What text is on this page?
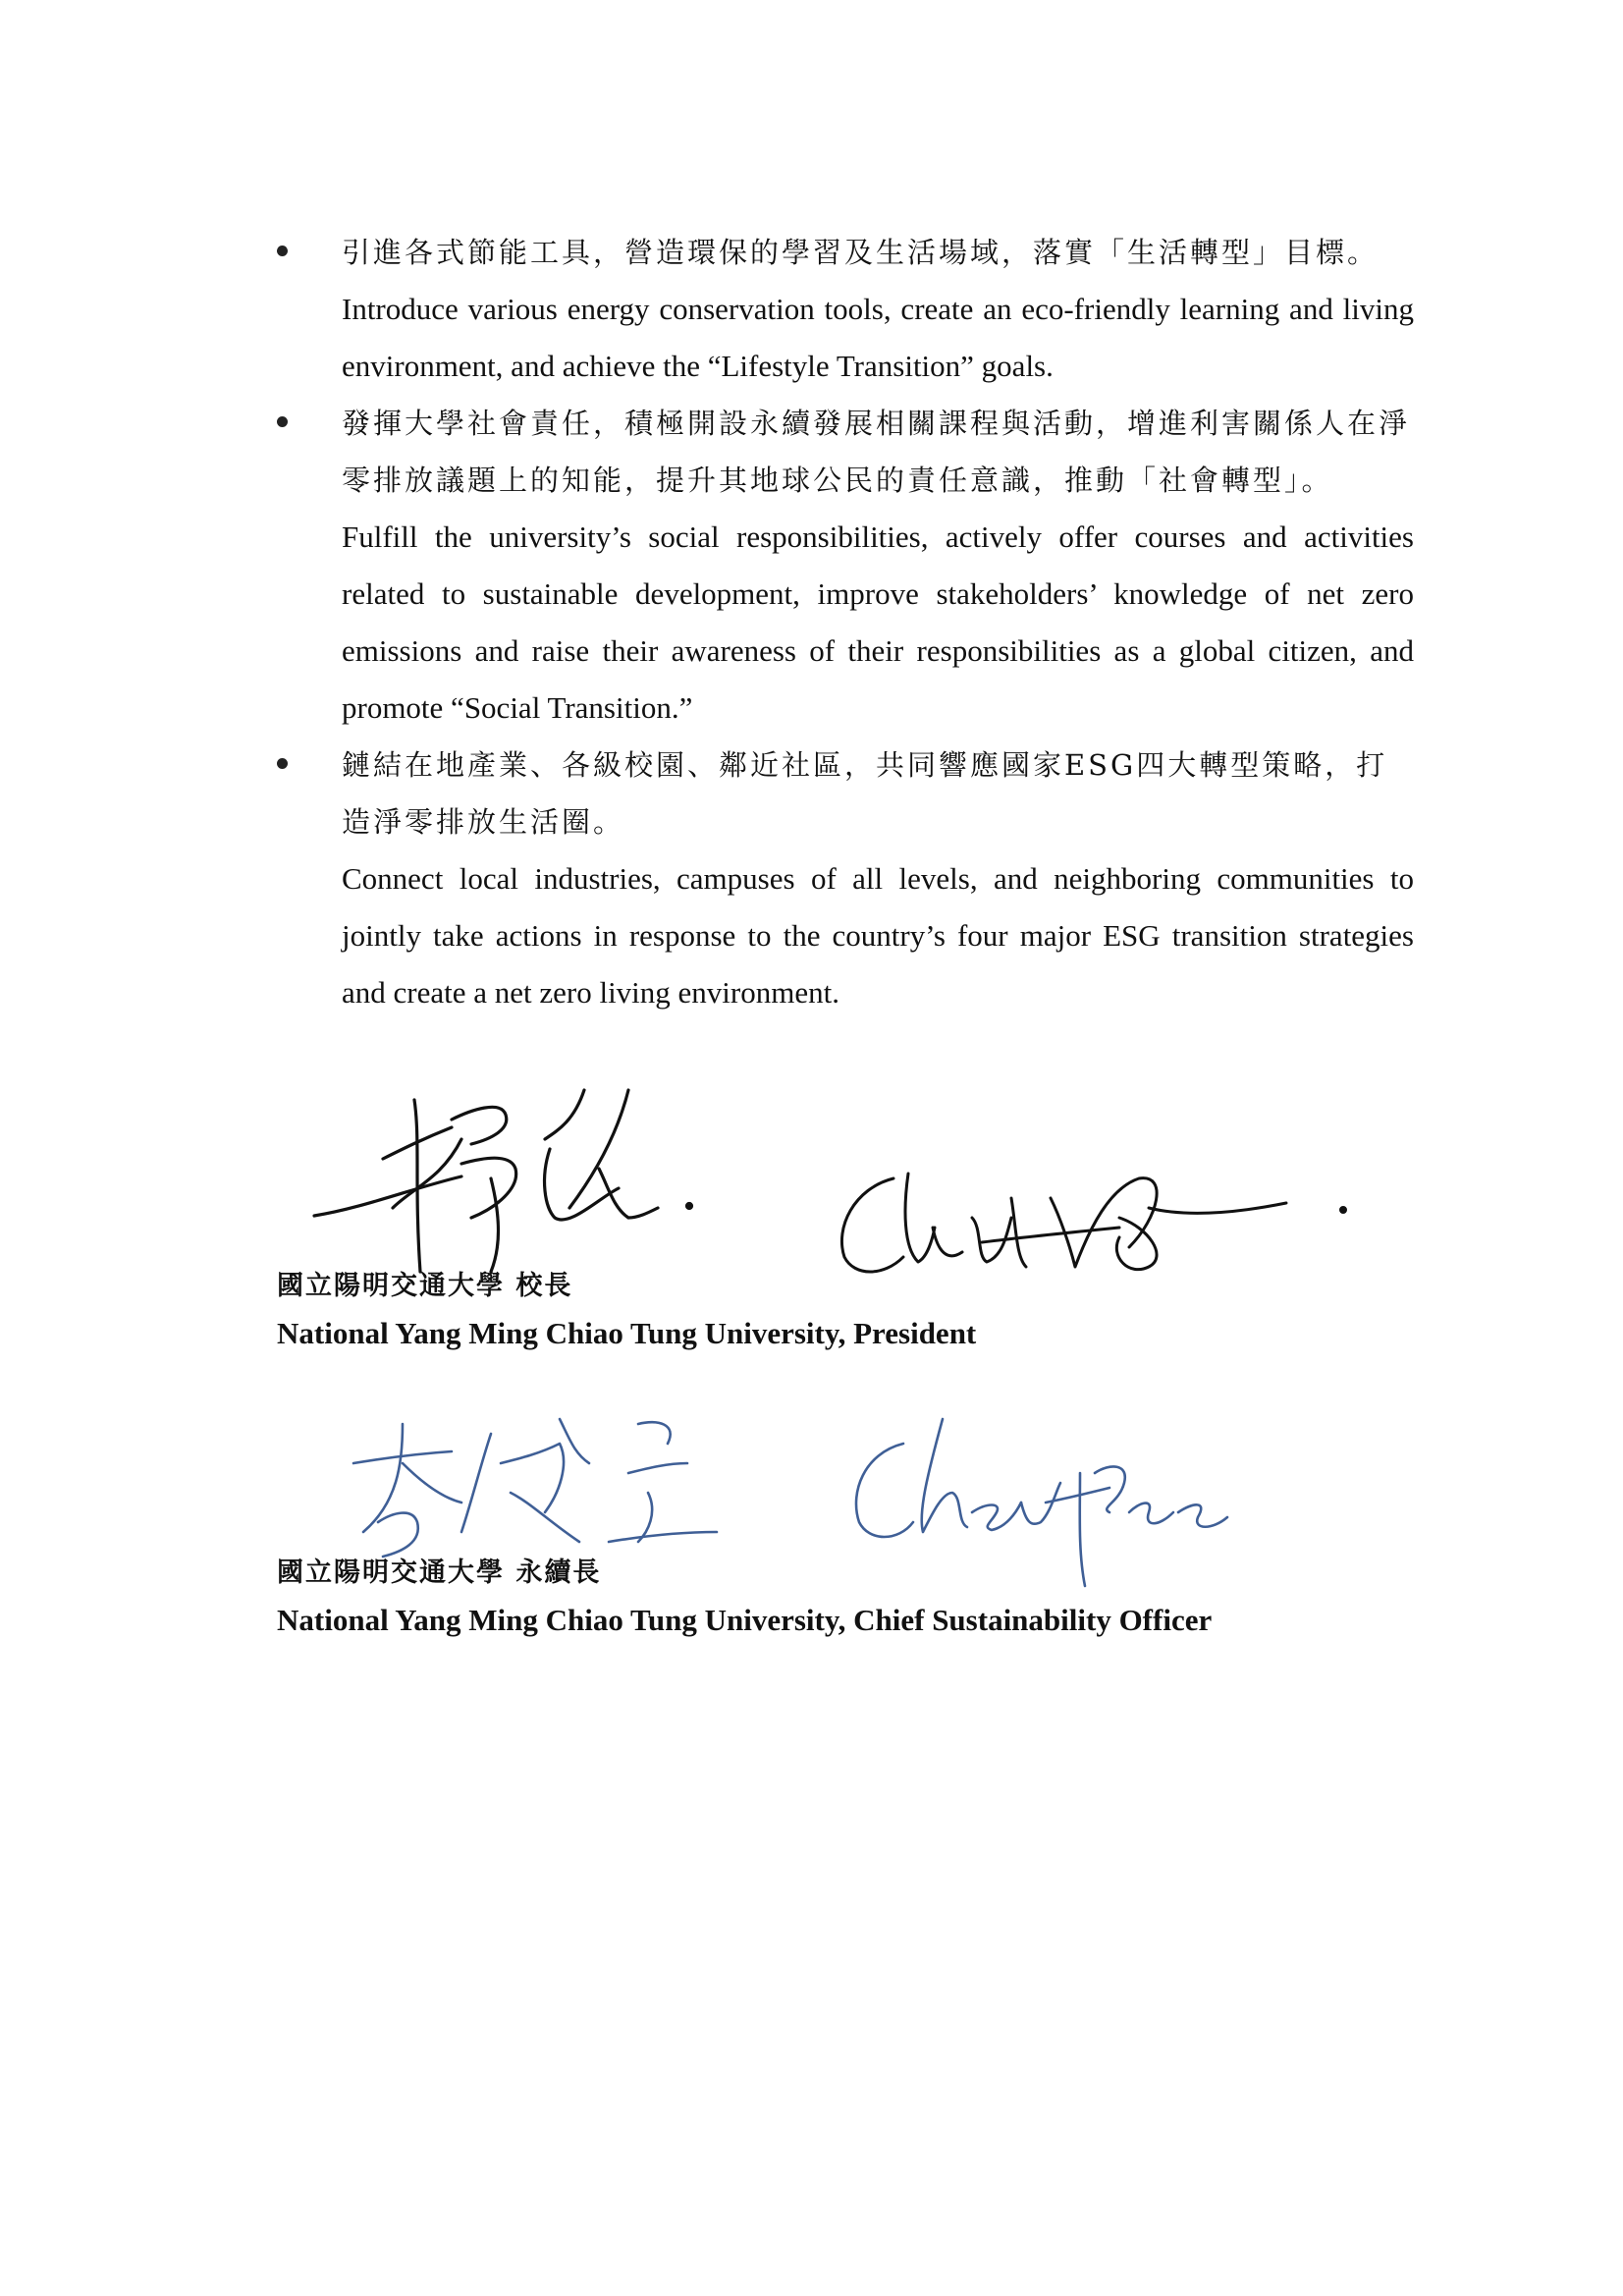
引進各式節能工具，營造環保的學習及生活場域，落實「生活轉型」目標。

Introduce various energy conservation tools, create an eco-friendly learning and living environment, and achieve the “Lifestyle Transition” goals.

發揮大學社會責任，積極開設永續發展相關課程與活動，增進利害關係人在淨零排放議題上的知能，提升其地球公民的責任意識，推動「社會轉型」。

Fulfill the university’s social responsibilities, actively offer courses and activities related to sustainable development, improve stakeholders’ knowledge of net zero emissions and raise their awareness of their responsibilities as a global citizen, and promote “Social Transition.”

鏈結在地產業、各級校園、鄰近社區，共同響應國家ESG四大轉型策略，打造淨零排放生活圈。

Connect local industries, campuses of all levels, and neighboring communities to jointly take actions in response to the country’s four major ESG transition strategies and create a net zero living environment.

國立陽明交通大學 校長

National Yang Ming Chiao Tung University, President

國立陽明交通大學 永續長

National Yang Ming Chiao Tung University, Chief Sustainability Officer
